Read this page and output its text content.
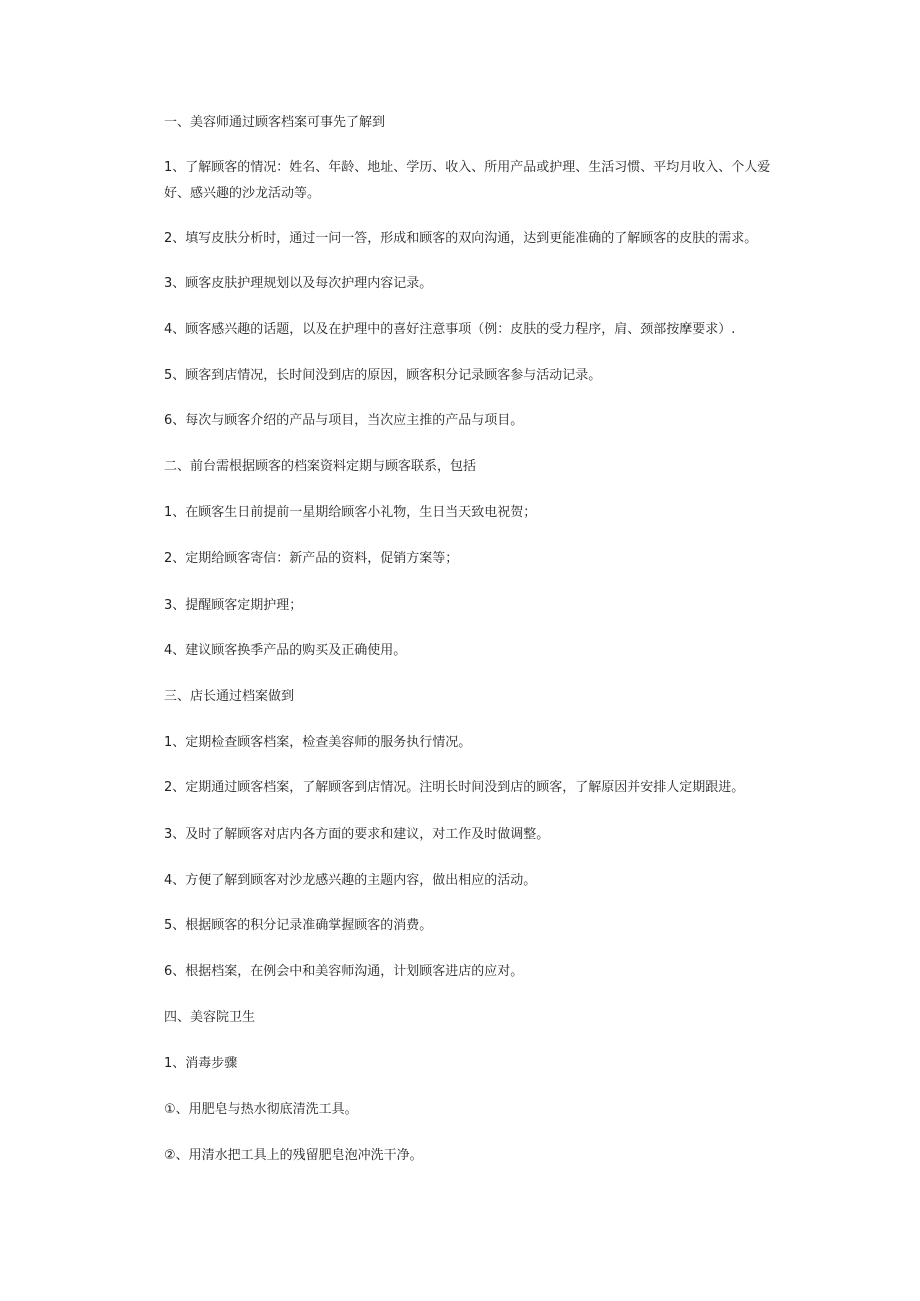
一、美容师通过顾客档案可事先了解到
1、了解顾客的情况：姓名、年龄、地址、学历、收入、所用产品或护理、生活习惯、平均月收入、个人爱好、感兴趣的沙龙活动等。
2、填写皮肤分析时，通过一问一答，形成和顾客的双向沟通，达到更能准确的了解顾客的皮肤的需求。
3、顾客皮肤护理规划以及每次护理内容记录。
4、顾客感兴趣的话题，以及在护理中的喜好注意事项（例：皮肤的受力程序，肩、颈部按摩要求）.
5、顾客到店情况，长时间没到店的原因，顾客积分记录顾客参与活动记录。
6、每次与顾客介绍的产品与项目，当次应主推的产品与项目。
二、前台需根据顾客的档案资料定期与顾客联系，包括
1、在顾客生日前提前一星期给顾客小礼物，生日当天致电祝贺；
2、定期给顾客寄信：新产品的资料，促销方案等；
3、提醒顾客定期护理；
4、建议顾客换季产品的购买及正确使用。
三、店长通过档案做到
1、定期检查顾客档案，检查美容师的服务执行情况。
2、定期通过顾客档案，了解顾客到店情况。注明长时间没到店的顾客，了解原因并安排人定期跟进。
3、及时了解顾客对店内各方面的要求和建议，对工作及时做调整。
4、方便了解到顾客对沙龙感兴趣的主题内容，做出相应的活动。
5、根据顾客的积分记录准确掌握顾客的消费。
6、根据档案，在例会中和美容师沟通，计划顾客进店的应对。
四、美容院卫生
1、消毒步骤
①、用肥皂与热水彻底清洗工具。
②、用清水把工具上的残留肥皂泡冲洗干净。
